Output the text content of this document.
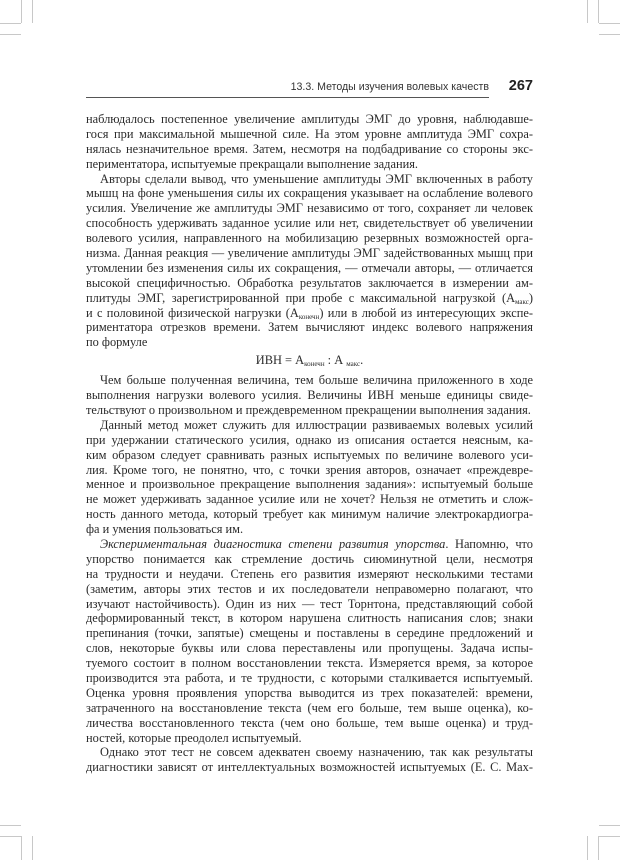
13.3. Методы изучения волевых качеств 267
наблюдалось постепенное увеличение амплитуды ЭМГ до уровня, наблюдавше-
гося при максимальной мышечной силе. На этом уровне амплитуда ЭМГ сохра-
нялась незначительное время. Затем, несмотря на подбадривание со стороны экс-
периментатора, испытуемые прекращали выполнение задания.
Авторы сделали вывод, что уменьшение амплитуды ЭМГ включенных в работу
мышц на фоне уменьшения силы их сокращения указывает на ослабление волевого
усилия. Увеличение же амплитуды ЭМГ независимо от того, сохраняет ли человек
способность удерживать заданное усилие или нет, свидетельствует об увеличении
волевого усилия, направленного на мобилизацию резервных возможностей орга-
низма. Данная реакция — увеличение амплитуды ЭМГ задействованных мышц при
утомлении без изменения силы их сокращения, — отмечали авторы, — отличается
высокой специфичностью. Обработка результатов заключается в измерении ам-
плитуды ЭМГ, зарегистрированной при пробе с максимальной нагрузкой $(А_{макс})$
и с половиной физической нагрузки $(А_{конечн})$ или в любой из интересующих экспе-
риментатора отрезков времени. Затем вычисляют индекс волевого напряжения
по формуле
ИВН = $А_{конечн}$ : А $_{макс}$.
Чем больше полученная величина, тем больше величина приложенного в ходе
выполнения нагрузки волевого усилия. Величины ИВН меньше единицы свиде-
тельствуют о произвольном и преждевременном прекращении выполнения задания.
Данный метод может служить для иллюстрации развиваемых волевых усилий
при удержании статического усилия, однако из описания остается неясным, ка-
ким образом следует сравнивать разных испытуемых по величине волевого уси-
лия. Кроме того, не понятно, что, с точки зрения авторов, означает «преждевре-
менное и произвольное прекращение выполнения задания»: испытуемый больше
не может удерживать заданное усилие или не хочет? Нельзя не отметить и слож-
ность данного метода, который требует как минимум наличие электрокардиогра-
фа и умения пользоваться им.
Экспериментальная диагностика степени развития упорства. Напомню, что
упорство понимается как стремление достичь сиюминутной цели, несмотря
на трудности и неудачи. Степень его развития измеряют несколькими тестами
(заметим, авторы этих тестов и их последователи неправомерно полагают, что
изучают настойчивость). Один из них — тест Торнтона, представляющий собой
деформированный текст, в котором нарушена слитность написания слов; знаки
препинания (точки, запятые) смещены и поставлены в середине предложений и
слов, некоторые буквы или слова переставлены или пропущены. Задача испы-
туемого состоит в полном восстановлении текста. Измеряется время, за которое
производится эта работа, и те трудности, с которыми сталкивается испытуемый.
Оценка уровня проявления упорства выводится из трех показателей: времени,
затраченного на восстановление текста (чем его больше, тем выше оценка), ко-
личества восстановленного текста (чем оно больше, тем выше оценка) и труд-
ностей, которые преодолел испытуемый.
Однако этот тест не совсем адекватен своему назначению, так как результаты
диагностики зависят от интеллектуальных возможностей испытуемых (Е. С. Мах-
